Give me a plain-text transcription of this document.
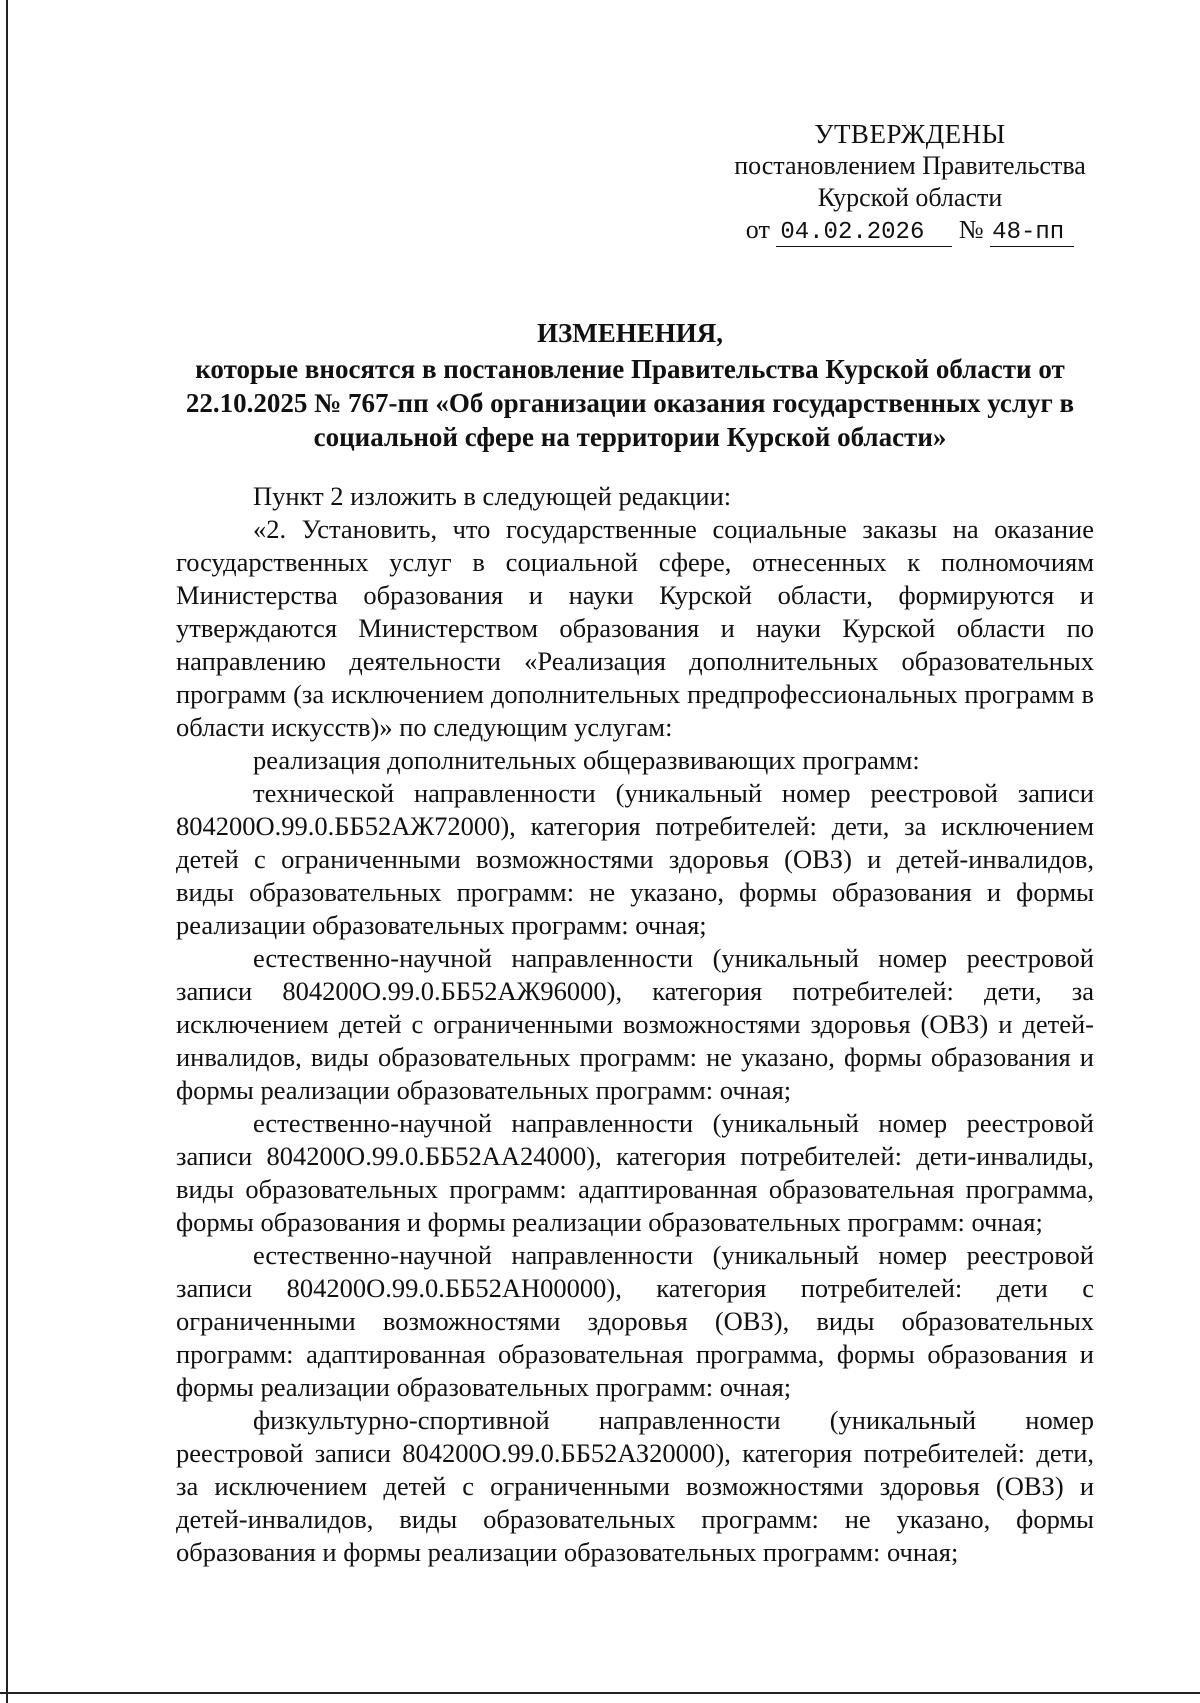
УТВЕРЖДЕНЫ
постановлением Правительства
Курской области
от 04.02.2026 № 48-пп
ИЗМЕНЕНИЯ,
которые вносятся в постановление Правительства Курской области от 22.10.2025 № 767-пп «Об организации оказания государственных услуг в социальной сфере на территории Курской области»

Пункт 2 изложить в следующей редакции:

«2. Установить, что государственные социальные заказы на оказание государственных услуг в социальной сфере, отнесенных к полномочиям Министерства образования и науки Курской области, формируются и утверждаются Министерством образования и науки Курской области по направлению деятельности «Реализация дополнительных образовательных программ (за исключением дополнительных предпрофессиональных программ в области искусств)» по следующим услугам:

реализация дополнительных общеразвивающих программ:

технической направленности (уникальный номер реестровой записи 804200О.99.0.ББ52АЖ72000), категория потребителей: дети, за исключением детей с ограниченными возможностями здоровья (ОВЗ) и детей-инвалидов, виды образовательных программ: не указано, формы образования и формы реализации образовательных программ: очная;

естественно-научной направленности (уникальный номер реестровой записи 804200О.99.0.ББ52АЖ96000), категория потребителей: дети, за исключением детей с ограниченными возможностями здоровья (ОВЗ) и детей-инвалидов, виды образовательных программ: не указано, формы образования и формы реализации образовательных программ: очная;

естественно-научной направленности (уникальный номер реестровой записи 804200О.99.0.ББ52АА24000), категория потребителей: дети-инвалиды, виды образовательных программ: адаптированная образовательная программа, формы образования и формы реализации образовательных программ: очная;

естественно-научной направленности (уникальный номер реестровой записи 804200О.99.0.ББ52АН00000), категория потребителей: дети с ограниченными возможностями здоровья (ОВЗ), виды образовательных программ: адаптированная образовательная программа, формы образования и формы реализации образовательных программ: очная;

физкультурно-спортивной направленности (уникальный номер реестровой записи 804200О.99.0.ББ52АЗ20000), категория потребителей: дети, за исключением детей с ограниченными возможностями здоровья (ОВЗ) и детей-инвалидов, виды образовательных программ: не указано, формы образования и формы реализации образовательных программ: очная;
